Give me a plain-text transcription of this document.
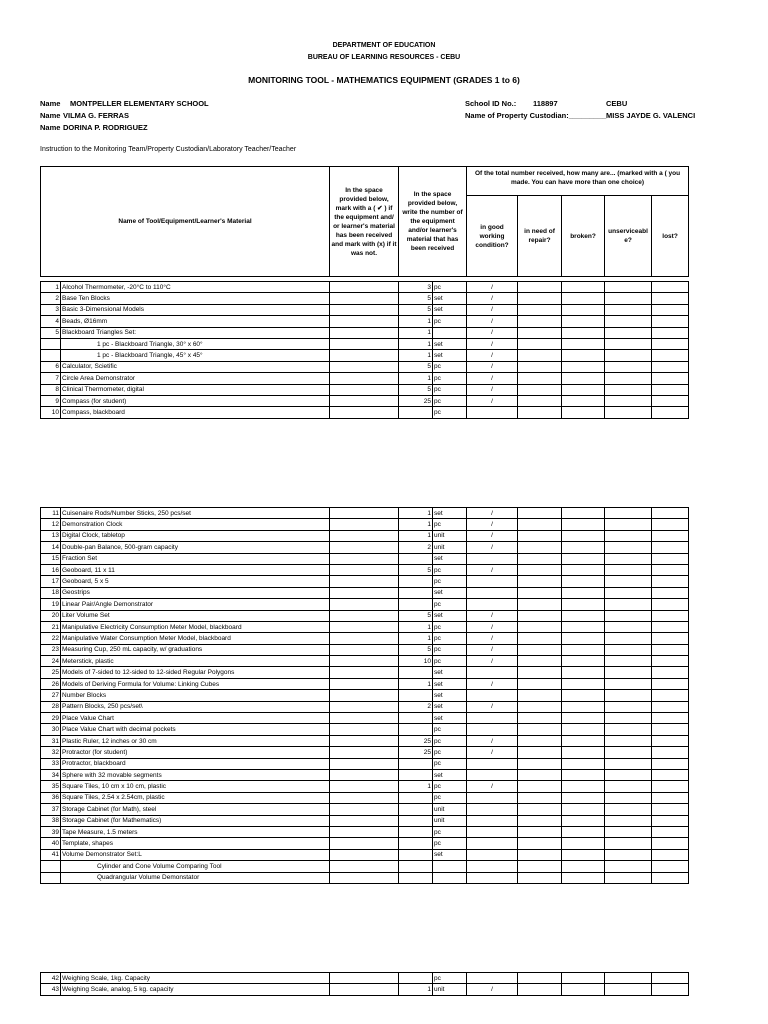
DEPARTMENT OF EDUCATION
BUREAU OF LEARNING RESOURCES - CEBU
MONITORING TOOL - MATHEMATICS EQUIPMENT (GRADES 1 to 6)
Name MONTPELLER ELEMENTARY SCHOOL
Name VILMA G. FERRAS
Name DORINA P. RODRIGUEZ
School ID No.: 118897	CEBU
Name of Property Custodian:_________ MISS JAYDE G. VALENCI
Instruction to the Monitoring Team/Property Custodian/Laboratory Teacher/Teacher
Name of Tool/Equipment/Learner's Material		In the space provided below, mark with a ( ✔ ) if the equipment and/ or learner's material has been received and mark with (x) if it was not.	In the space provided below, write the number of the equipment and/or learner's material that has been received		Of the total number received, how many are... (marked with a ( you made. You can have more than one choice)				
					in good working condition?	in need of repair?	broken?	unserviceabl e?	lost?

1	Alcohol Thermometer, -20°C to 110°C		3	pc	/				
2	Base Ten Blocks		5	set	/				
3	Basic 3-Dimensional Models		5	set	/				
4	Beads, Ø16mm		1	pc	/				
5	Blackboard Triangles Set:		1		/				
	1 pc - Blackboard Triangle, 30° x 60°		1	set	/				
	1 pc - Blackboard Triangle, 45° x 45°		1	set	/				
6	Calculator, Scietific		5	pc	/				
7	Circle Area Demonstrator		1	pc	/				
8	Clinical Thermometer, digital		5	pc	/				
9	Compass (for student)		25	pc	/				
10	Compass, blackboard			pc					
11	Cuisenaire Rods/Number Sticks, 250 pcs/set		1	set	/				
12	Demonstration Clock		1	pc	/				
13	Digital Clock, tabletop		1	unit	/				
14	Double-pan Balance, 500-gram capacity		2	unit	/				
15	Fraction Set			set					
16	Geoboard, 11 x 11		5	pc	/				
17	Geoboard, 5 x 5			pc					
18	Geostrips			set					
19	Linear Pair/Angle Demonstrator			pc					
20	Liter Volume Set		5	set	/				
21	Manipulative Electricity Consumption Meter Model, blackboard		1	pc	/				
22	Manipulative Water Consumption Meter Model, blackboard		1	pc	/				
23	Measuring Cup, 250 mL capacity, w/ graduations		5	pc	/				
24	Meterstick, plastic		10	pc	/				
25	Models of 7-sided to 12-sided to 12-sided Regular Polygons			set					
26	Models of Deriving Formula for Volume: Linking Cubes		1	set	/				
27	Number Blocks			set					
28	Pattern Blocks, 250 pcs/set\		2	set	/				
29	Place Value Chart			set					
30	Place Value Chart with decimal pockets			pc					
31	Plastic Ruler, 12 inches or 30 cm		25	pc	/				
32	Protractor (for student)		25	pc	/				
33	Protractor, blackboard			pc					
34	Sphere with 32 movable segments			set					
35	Square Tiles, 10 cm x 10 cm, plastic		1	pc	/				
36	Square Tiles, 2.54 x 2.54cm, plastic			pc					
37	Storage Cabinet (for Math), steel			unit					
38	Storage Cabinet (for Mathematics)			unit					
39	Tape Measure, 1.5 meters			pc					
40	Template, shapes			pc					
41	Volume Demonstrator Set:L			set					
	Cylinder and Cone Volume Comparing Tool								
	Quadrangular Volume Demonstator								
42	Weighing Scale, 1kg. Capacity			pc					
43	Weighing Scale, analog, 5 kg. capacity		1	unit	/				
